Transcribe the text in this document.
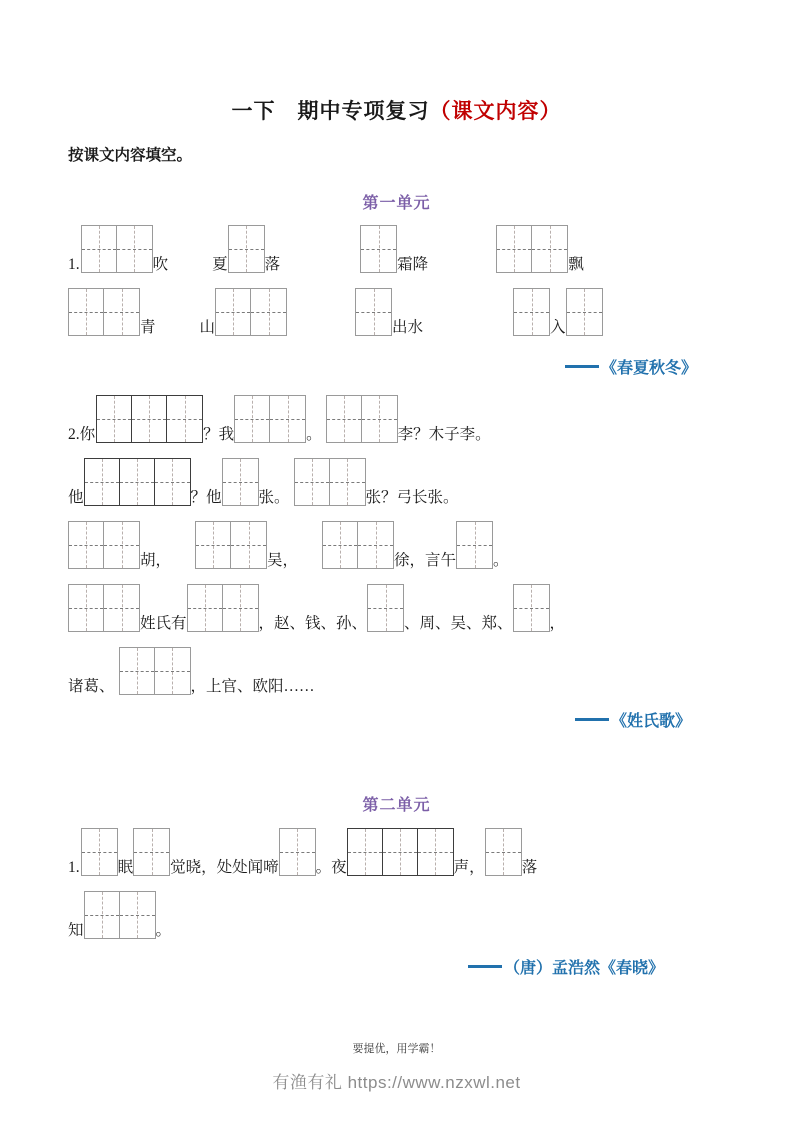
一下　期中专项复习（课文内容）
按课文内容填空。
第一单元
1.	吹	夏 落	霜降	飘
青	山	出水	入
《春夏秋冬》
2.你	？我	。	李？木子李。
他	？他 张。	张？弓长张。
胡，	吴，	徐，言午 。
姓氏有	，赵、钱、孙、 、周、吴、郑、 ，
诸葛、	，上官、欧阳……
《姓氏歌》
第二单元
1. 眠 觉晓，处处闻啼 。夜	声， 落
知	。
（唐）孟浩然《春晓》
要提优，用学霸！
有渔有礼 https://www.nzxwl.net
